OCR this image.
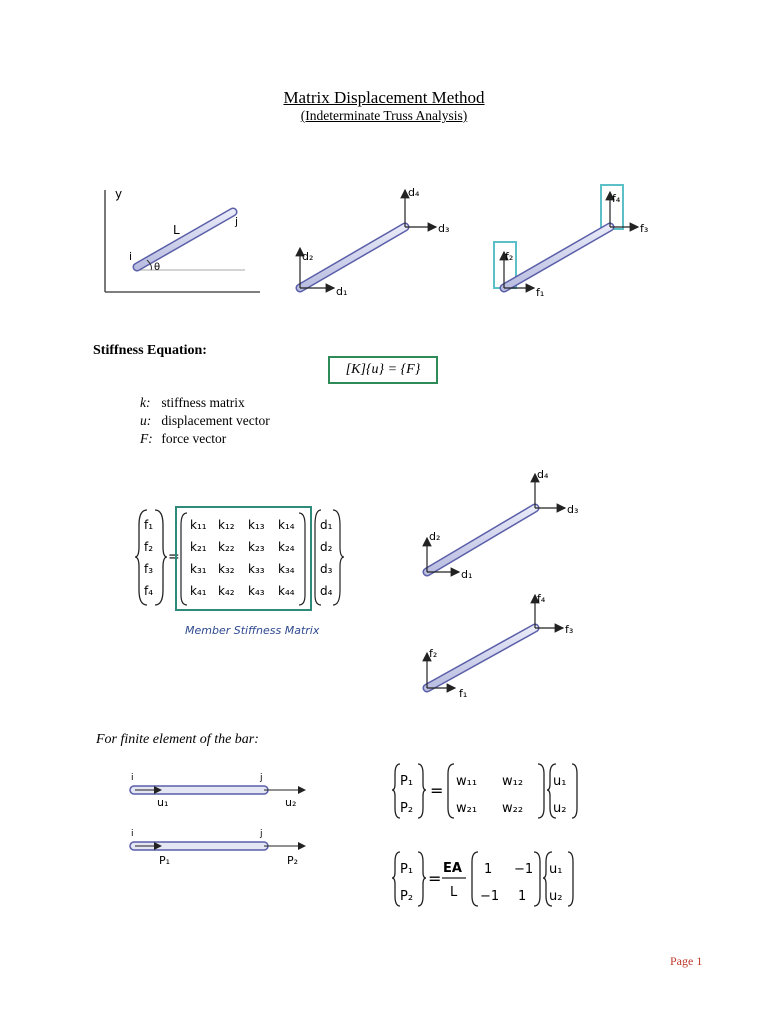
Matrix Displacement Method
(Indeterminate Truss Analysis)
y
L
i
j
θ
d₁
d₂
d₃
d₄
f₁
f₂
f₃
f₄
Stiffness Equation:
[K]{u} = {F}
k: stiffness matrix
u: displacement vector
F: force vector
f₁
f₂
f₃
f₄
=
k₁₁ k₁₂ k₁₃ k₁₄
k₂₁ k₂₂ k₂₃ k₂₄
k₃₁ k₃₂ k₃₃ k₃₄
k₄₁ k₄₂ k₄₃ k₄₄
d₁
d₂
d₃
d₄
Member Stiffness Matrix
d₁
d₂
d₃
d₄
f₁
f₂
f₃
f₄
For finite element of the bar:
i	j
u₁	u₂
i	j
P₁	P₂
P₁
P₂
= w₁₁ w₁₂
w₂₁ w₂₂
u₁
u₂
P₁
P₂
=
EA
L
1 −1
−1 1
u₁
u₂
Page 1
